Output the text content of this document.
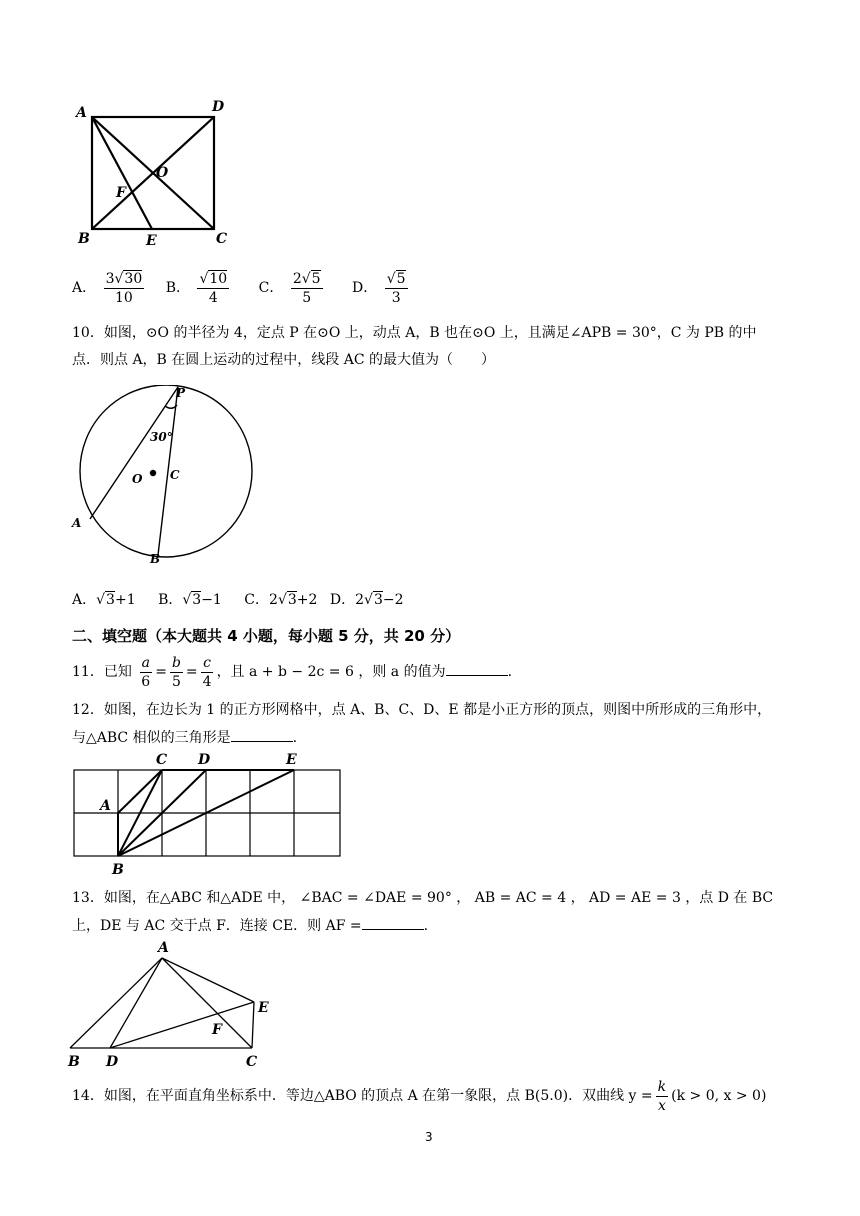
A	D
O
F
B	E	C
A． $\frac{3√30}{10}$ B． $\frac{√10}{4}$ C． $\frac{2√5}{5}$ D． $\frac{√5}{3}$
10．如图，⊙O 的半径为 4，定点 P 在⊙O 上，动点 A，B 也在⊙O 上，且满足∠APB = 30°，C 为 PB 的中
点．则点 A，B 在圆上运动的过程中，线段 AC 的最大值为（　　）
P
30°
O C
A
B
A．√3+1 B．√3−1 C．2√3+2 D．2√3−2
二、填空题（本大题共 4 小题，每小题 5 分，共 20 分）
11．已知 $\frac{a}{6} = \frac{b}{5} = \frac{c}{4}$ ，且 a + b − 2c = 6 ，则 a 的值为	.
12．如图，在边长为 1 的正方形网格中，点 A、B、C、D、E 都是小正方形的顶点，则图中所形成的三角形中，
与△ABC 相似的三角形是	.
C D	E
A
B
13．如图，在△ABC 和△ADE 中， ∠BAC = ∠DAE = 90° ， AB = AC = 4 ， AD = AE = 3 ，点 D 在 BC
上，DE 与 AC 交于点 F．连接 CE．则 AF =	.
A
E
F
B D	C
14．如图，在平面直角坐标系中．等边△ABO 的顶点 A 在第一象限，点 B(5.0)．双曲线 $y = \frac{k}{x} (k > 0$, x > 0)
3
